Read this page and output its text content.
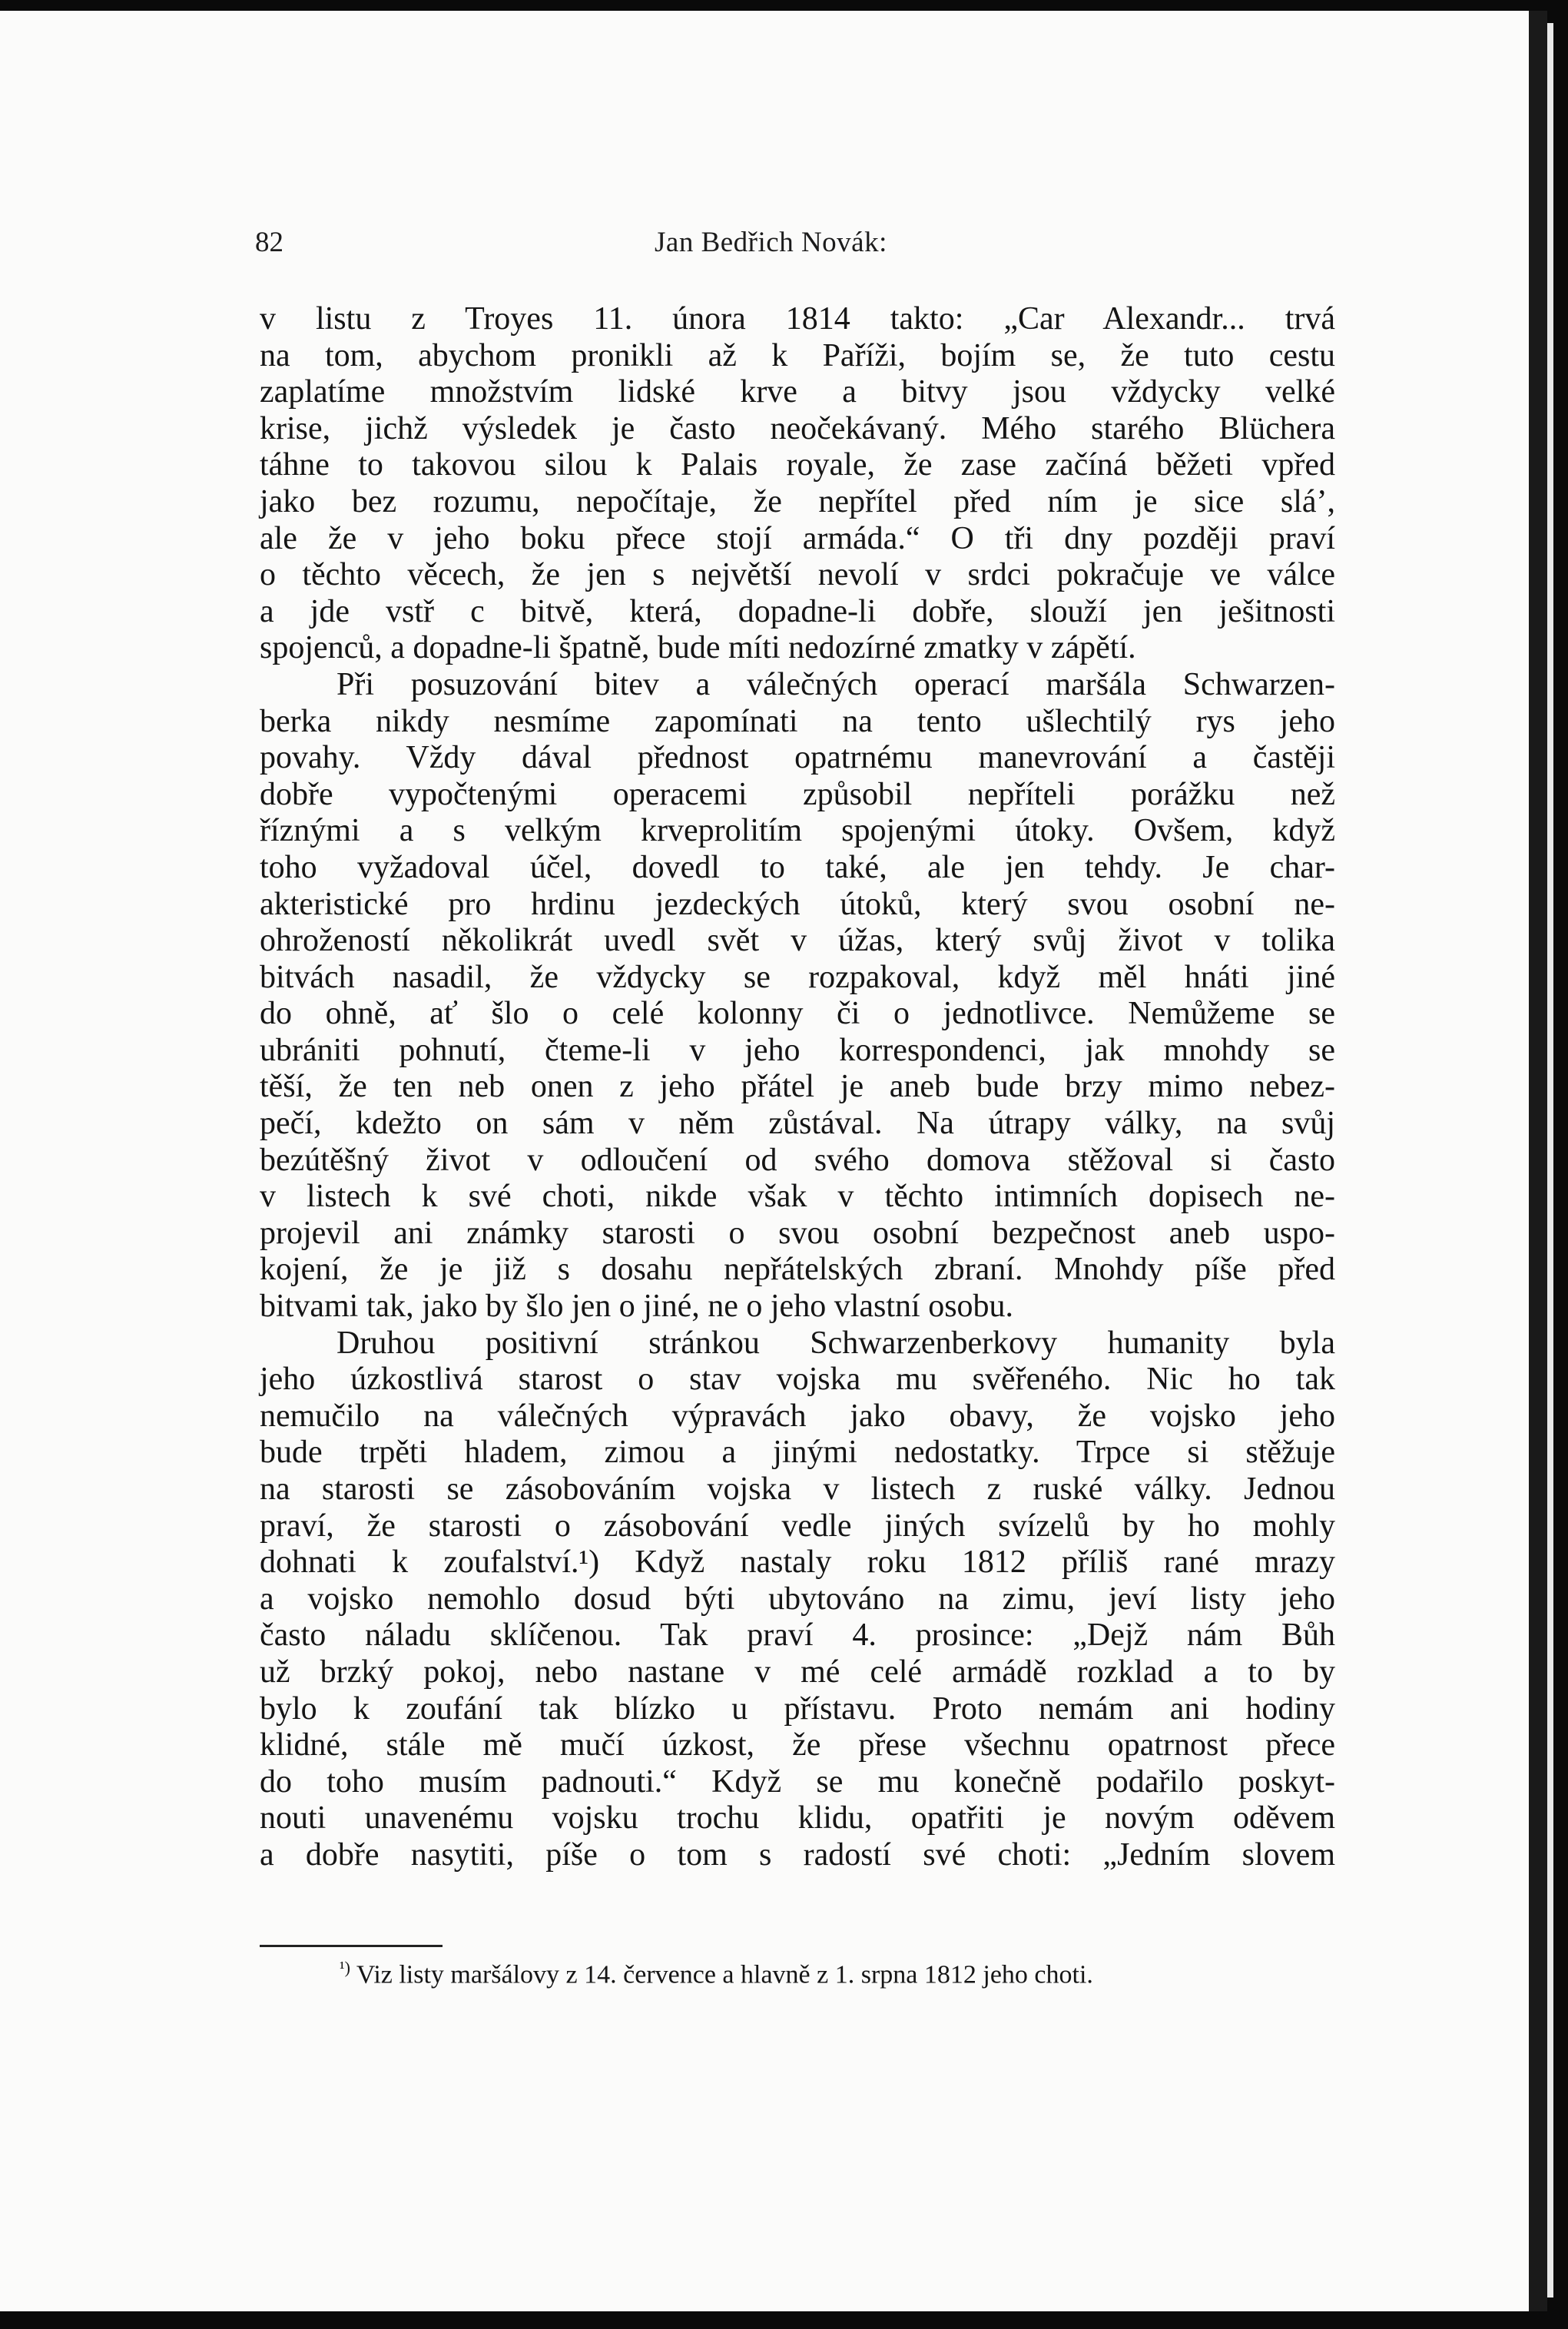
82	Jan Bedřich Novák:
v listu z Troyes 11. února 1814 takto: „Car Alexandr... trvá
na tom, abychom pronikli až k Paříži, bojím se, že tuto cestu
zaplatíme množstvím lidské krve a bitvy jsou vždycky velké
krise, jichž výsledek je často neočekávaný. Mého starého Blüchera
táhne to takovou silou k Palais royale, že zase začíná běžeti vpřed
jako bez rozumu, nepočítaje, že nepřítel před ním je sice sláʼ,
ale že v jeho boku přece stojí armáda.“ O tři dny později praví
o těchto věcech, že jen s největší nevolí v srdci pokračuje ve válce
a jde vstř c bitvě, která, dopadne-li dobře, slouží jen ješitnosti
spojenců, a dopadne-li špatně, bude míti nedozírné zmatky v zápětí.
Při posuzování bitev a válečných operací maršála Schwarzen-
berka nikdy nesmíme zapomínati na tento ušlechtilý rys jeho
povahy. Vždy dával přednost opatrnému manevrování a častěji
dobře vypočtenými operacemi způsobil nepříteli porážku než
říznými a s velkým krveprolitím spojenými útoky. Ovšem, když
toho vyžadoval účel, dovedl to také, ale jen tehdy. Je char-
akteristické pro hrdinu jezdeckých útoků, který svou osobní ne-
ohrožeností několikrát uvedl svět v úžas, který svůj život v tolika
bitvách nasadil, že vždycky se rozpakoval, když měl hnáti jiné
do ohně, ať šlo o celé kolonny či o jednotlivce. Nemůžeme se
ubrániti pohnutí, čteme-li v jeho korrespondenci, jak mnohdy se
těší, že ten neb onen z jeho přátel je aneb bude brzy mimo nebez-
pečí, kdežto on sám v něm zůstával. Na útrapy války, na svůj
bezútěšný život v odloučení od svého domova stěžoval si často
v listech k své choti, nikde však v těchto intimních dopisech ne-
projevil ani známky starosti o svou osobní bezpečnost aneb uspo-
kojení, že je již s dosahu nepřátelských zbraní. Mnohdy píše před
bitvami tak, jako by šlo jen o jiné, ne o jeho vlastní osobu.
Druhou positivní stránkou Schwarzenberkovy humanity byla
jeho úzkostlivá starost o stav vojska mu svěřeného. Nic ho tak
nemučilo na válečných výpravách jako obavy, že vojsko jeho
bude trpěti hladem, zimou a jinými nedostatky. Trpce si stěžuje
na starosti se zásobováním vojska v listech z ruské války. Jednou
praví, že starosti o zásobování vedle jiných svízelů by ho mohly
dohnati k zoufalství.¹) Když nastaly roku 1812 příliš rané mrazy
a vojsko nemohlo dosud býti ubytováno na zimu, jeví listy jeho
často náladu sklíčenou. Tak praví 4. prosince: „Dejž nám Bůh
už brzký pokoj, nebo nastane v mé celé armádě rozklad a to by
bylo k zoufání tak blízko u přístavu. Proto nemám ani hodiny
klidné, stále mě mučí úzkost, že přese všechnu opatrnost přece
do toho musím padnouti.“ Když se mu konečně podařilo poskyt-
nouti unavenému vojsku trochu klidu, opatřiti je novým oděvem
a dobře nasytiti, píše o tom s radostí své choti: „Jedním slovem
$^{^1)}$ Viz listy maršálovy z 14. července a hlavně z 1. srpna 1812 jeho choti.
